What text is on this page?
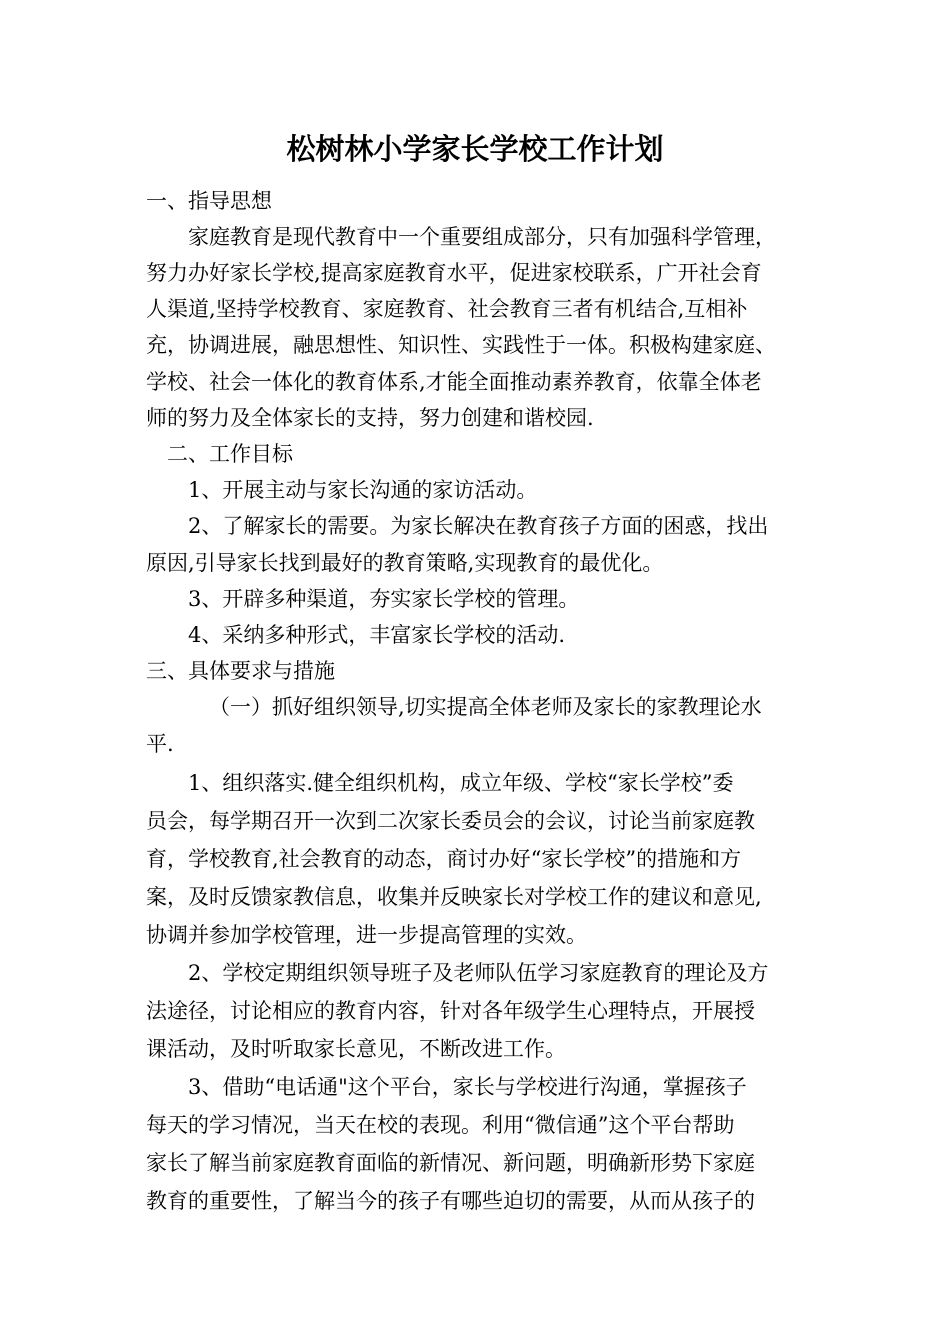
松树林小学家长学校工作计划

一、指导思想

家庭教育是现代教育中一个重要组成部分，只有加强科学管理，

努力办好家长学校,提高家庭教育水平，促进家校联系，广开社会育

人渠道,坚持学校教育、家庭教育、社会教育三者有机结合,互相补

充，协调进展，融思想性、知识性、实践性于一体。积极构建家庭、

学校、社会一体化的教育体系,才能全面推动素养教育，依靠全体老

师的努力及全体家长的支持，努力创建和谐校园.

二、工作目标

1、开展主动与家长沟通的家访活动。

2、了解家长的需要。为家长解决在教育孩子方面的困惑，找出

原因,引导家长找到最好的教育策略,实现教育的最优化。

3、开辟多种渠道，夯实家长学校的管理。

4、采纳多种形式，丰富家长学校的活动.

三、具体要求与措施

（一）抓好组织领导,切实提高全体老师及家长的家教理论水

平.

1、组织落实.健全组织机构，成立年级、学校“家长学校”委

员会，每学期召开一次到二次家长委员会的会议，讨论当前家庭教

育，学校教育,社会教育的动态，商讨办好“家长学校”的措施和方

案，及时反馈家教信息，收集并反映家长对学校工作的建议和意见,

协调并参加学校管理，进一步提高管理的实效。

2、学校定期组织领导班子及老师队伍学习家庭教育的理论及方

法途径，讨论相应的教育内容，针对各年级学生心理特点，开展授

课活动，及时听取家长意见，不断改进工作。

3、借助“电话通"这个平台，家长与学校进行沟通，掌握孩子

每天的学习情况，当天在校的表现。利用“微信通”这个平台帮助

家长了解当前家庭教育面临的新情况、新问题，明确新形势下家庭

教育的重要性，了解当今的孩子有哪些迫切的需要，从而从孩子的
